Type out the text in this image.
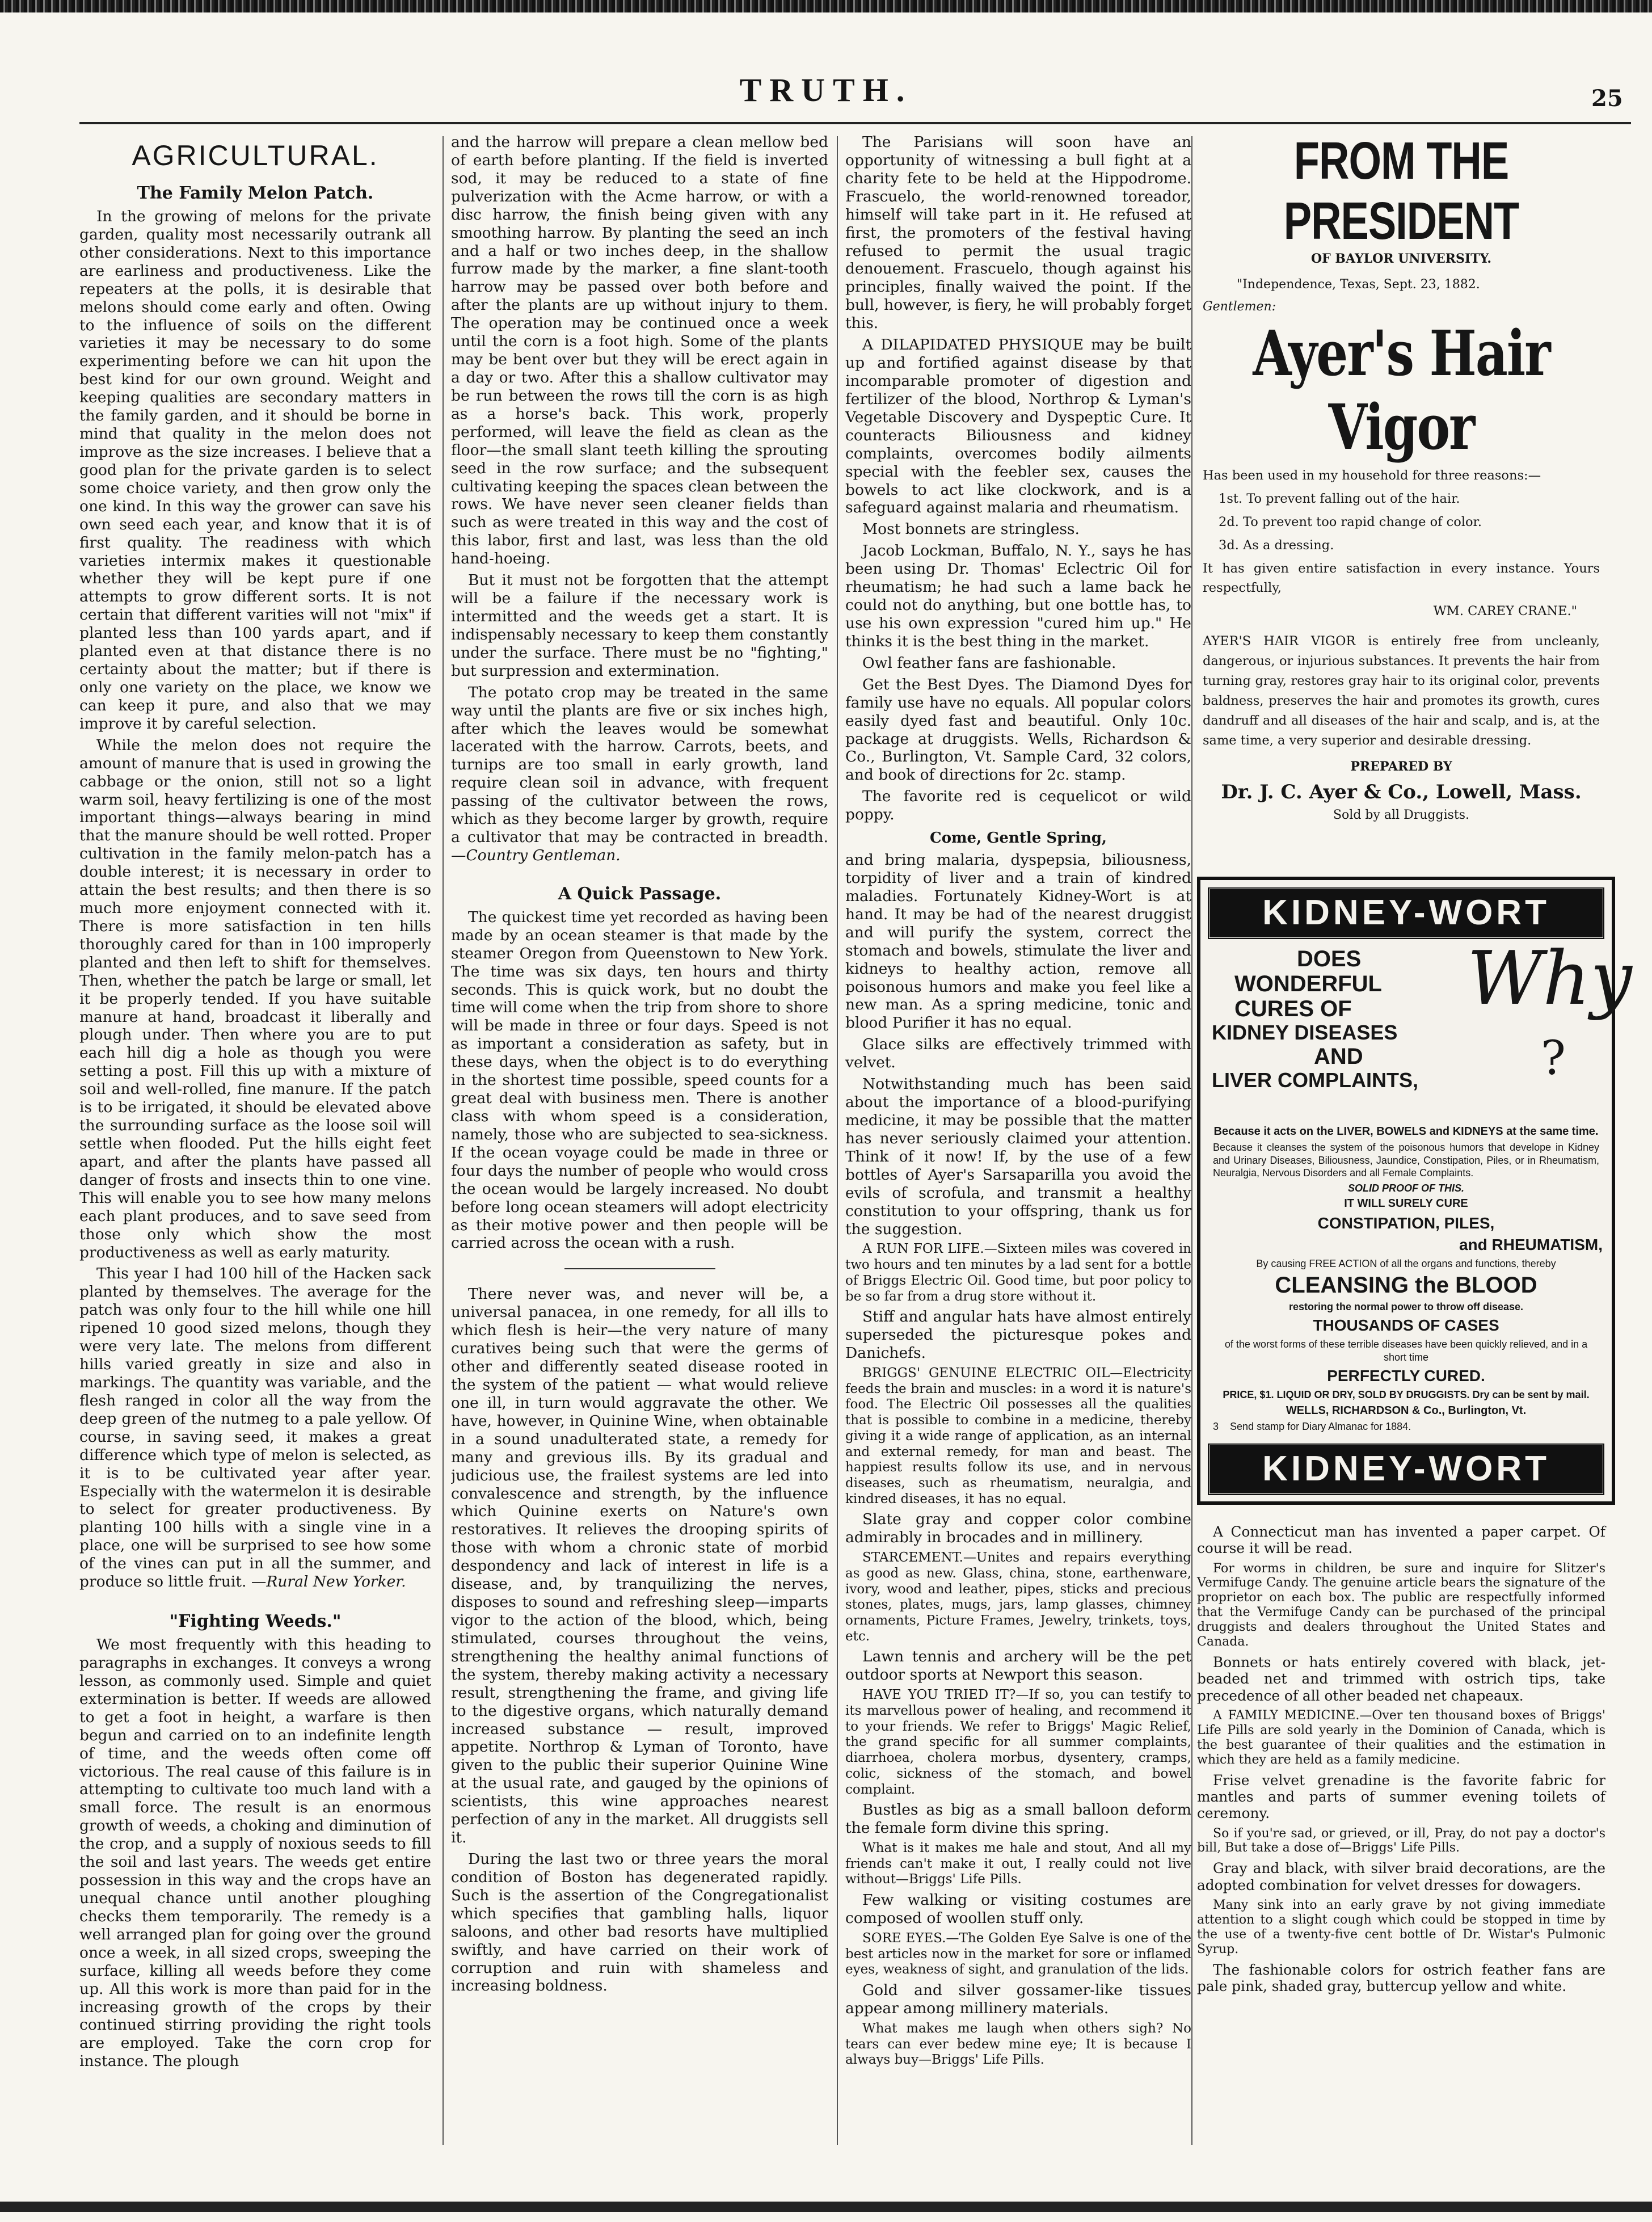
TRUTH.	25
AGRICULTURAL.
The Family Melon Patch.

In the growing of melons for the private garden, quality most necessarily outrank all other considerations. Next to this importance are earliness and productiveness. Like the repeaters at the polls, it is desirable that melons should come early and often. Owing to the influence of soils on the different varieties it may be necessary to do some experimenting before we can hit upon the best kind for our own ground. Weight and keeping qualities are secondary matters in the family garden, and it should be borne in mind that quality in the melon does not improve as the size increases. I believe that a good plan for the private garden is to select some choice variety, and then grow only the one kind. In this way the grower can save his own seed each year, and know that it is of first quality. The readiness with which varieties intermix makes it questionable whether they will be kept pure if one attempts to grow different sorts. It is not certain that different varities will not "mix" if planted less than 100 yards apart, and if planted even at that distance there is no certainty about the matter; but if there is only one variety on the place, we know we can keep it pure, and also that we may improve it by careful selection.

While the melon does not require the amount of manure that is used in growing the cabbage or the onion, still not so a light warm soil, heavy fertilizing is one of the most important things—always bearing in mind that the manure should be well rotted. Proper cultivation in the family melon-patch has a double interest; it is necessary in order to attain the best results; and then there is so much more enjoyment connected with it. There is more satisfaction in ten hills thoroughly cared for than in 100 improperly planted and then left to shift for themselves. Then, whether the patch be large or small, let it be properly tended. If you have suitable manure at hand, broadcast it liberally and plough under. Then where you are to put each hill dig a hole as though you were setting a post. Fill this up with a mixture of soil and well-rolled, fine manure. If the patch is to be irrigated, it should be elevated above the surrounding surface as the loose soil will settle when flooded. Put the hills eight feet apart, and after the plants have passed all danger of frosts and insects thin to one vine. This will enable you to see how many melons each plant produces, and to save seed from those only which show the most productiveness as well as early maturity.

This year I had 100 hill of the Hacken sack planted by themselves. The average for the patch was only four to the hill while one hill ripened 10 good sized melons, though they were very late. The melons from different hills varied greatly in size and also in markings. The quantity was variable, and the flesh ranged in color all the way from the deep green of the nutmeg to a pale yellow. Of course, in saving seed, it makes a great difference which type of melon is selected, as it is to be cultivated year after year. Especially with the watermelon it is desirable to select for greater productiveness. By planting 100 hills with a single vine in a place, one will be surprised to see how some of the vines can put in all the summer, and produce so little fruit. —Rural New Yorker.

"Fighting Weeds."

We most frequently with this heading to paragraphs in exchanges. It conveys a wrong lesson, as commonly used. Simple and quiet extermination is better. If weeds are allowed to get a foot in height, a warfare is then begun and carried on to an indefinite length of time, and the weeds often come off victorious. The real cause of this failure is in attempting to cultivate too much land with a small force. The result is an enormous growth of weeds, a choking and diminution of the crop, and a supply of noxious seeds to fill the soil and last years. The weeds get entire possession in this way and the crops have an unequal chance until another ploughing checks them temporarily. The remedy is a well arranged plan for going over the ground once a week, in all sized crops, sweeping the surface, killing all weeds before they come up. All this work is more than paid for in the increasing growth of the crops by their continued stirring providing the right tools are employed. Take the corn crop for instance. The plough

and the harrow will prepare a clean mellow bed of earth before planting. If the field is inverted sod, it may be reduced to a state of fine pulverization with the Acme harrow, or with a disc harrow, the finish being given with any smoothing harrow. By planting the seed an inch and a half or two inches deep, in the shallow furrow made by the marker, a fine slant-tooth harrow may be passed over both before and after the plants are up without injury to them. The operation may be continued once a week until the corn is a foot high. Some of the plants may be bent over but they will be erect again in a day or two. After this a shallow cultivator may be run between the rows till the corn is as high as a horse's back. This work, properly performed, will leave the field as clean as the floor—the small slant teeth killing the sprouting seed in the row surface; and the subsequent cultivating keeping the spaces clean between the rows. We have never seen cleaner fields than such as were treated in this way and the cost of this labor, first and last, was less than the old hand-hoeing.

But it must not be forgotten that the attempt will be a failure if the necessary work is intermitted and the weeds get a start. It is indispensably necessary to keep them constantly under the surface. There must be no "fighting," but surpression and extermination.

The potato crop may be treated in the same way until the plants are five or six inches high, after which the leaves would be somewhat lacerated with the harrow. Carrots, beets, and turnips are too small in early growth, land require clean soil in advance, with frequent passing of the cultivator between the rows, which as they become larger by growth, require a cultivator that may be contracted in breadth. —Country Gentleman.

A Quick Passage.

The quickest time yet recorded as having been made by an ocean steamer is that made by the steamer Oregon from Queenstown to New York. The time was six days, ten hours and thirty seconds. This is quick work, but no doubt the time will come when the trip from shore to shore will be made in three or four days. Speed is not as important a consideration as safety, but in these days, when the object is to do everything in the shortest time possible, speed counts for a great deal with business men. There is another class with whom speed is a consideration, namely, those who are subjected to sea-sickness. If the ocean voyage could be made in three or four days the number of people who would cross the ocean would be largely increased. No doubt before long ocean steamers will adopt electricity as their motive power and then people will be carried across the ocean with a rush.

There never was, and never will be, a universal panacea, in one remedy, for all ills to which flesh is heir—the very nature of many curatives being such that were the germs of other and differently seated disease rooted in the system of the patient — what would relieve one ill, in turn would aggravate the other. We have, however, in Quinine Wine, when obtainable in a sound unadulterated state, a remedy for many and grevious ills. By its gradual and judicious use, the frailest systems are led into convalescence and strength, by the influence which Quinine exerts on Nature's own restoratives. It relieves the drooping spirits of those with whom a chronic state of morbid despondency and lack of interest in life is a disease, and, by tranquilizing the nerves, disposes to sound and refreshing sleep—imparts vigor to the action of the blood, which, being stimulated, courses throughout the veins, strengthening the healthy animal functions of the system, thereby making activity a necessary result, strengthening the frame, and giving life to the digestive organs, which naturally demand increased substance — result, improved appetite. Northrop & Lyman of Toronto, have given to the public their superior Quinine Wine at the usual rate, and gauged by the opinions of scientists, this wine approaches nearest perfection of any in the market. All druggists sell it.

During the last two or three years the moral condition of Boston has degenerated rapidly. Such is the assertion of the Congregationalist which specifies that gambling halls, liquor saloons, and other bad resorts have multiplied swiftly, and have carried on their work of corruption and ruin with shameless and increasing boldness.

The Parisians will soon have an opportunity of witnessing a bull fight at a charity fete to be held at the Hippodrome. Frascuelo, the world-renowned toreador, himself will take part in it. He refused at first, the promoters of the festival having refused to permit the usual tragic denouement. Frascuelo, though against his principles, finally waived the point. If the bull, however, is fiery, he will probably forget this.

A DILAPIDATED PHYSIQUE may be built up and fortified against disease by that incomparable promoter of digestion and fertilizer of the blood, Northrop & Lyman's Vegetable Discovery and Dyspeptic Cure. It counteracts Biliousness and kidney complaints, overcomes bodily ailments special with the feebler sex, causes the bowels to act like clockwork, and is a safeguard against malaria and rheumatism.

Most bonnets are stringless.

Jacob Lockman, Buffalo, N. Y., says he has been using Dr. Thomas' Eclectric Oil for rheumatism; he had such a lame back he could not do anything, but one bottle has, to use his own expression "cured him up." He thinks it is the best thing in the market.

Owl feather fans are fashionable.

Get the Best Dyes. The Diamond Dyes for family use have no equals. All popular colors easily dyed fast and beautiful. Only 10c. package at druggists. Wells, Richardson & Co., Burlington, Vt. Sample Card, 32 colors, and book of directions for 2c. stamp.

The favorite red is cequelicot or wild poppy.

Come, Gentle Spring,

and bring malaria, dyspepsia, biliousness, torpidity of liver and a train of kindred maladies. Fortunately Kidney-Wort is at hand. It may be had of the nearest druggist and will purify the system, correct the stomach and bowels, stimulate the liver and kidneys to healthy action, remove all poisonous humors and make you feel like a new man. As a spring medicine, tonic and blood Purifier it has no equal.

Glace silks are effectively trimmed with velvet.

Notwithstanding much has been said about the importance of a blood-purifying medicine, it may be possible that the matter has never seriously claimed your attention. Think of it now! If, by the use of a few bottles of Ayer's Sarsaparilla you avoid the evils of scrofula, and transmit a healthy constitution to your offspring, thank us for the suggestion.

A RUN FOR LIFE.—Sixteen miles was covered in two hours and ten minutes by a lad sent for a bottle of Briggs Electric Oil. Good time, but poor policy to be so far from a drug store without it.

Stiff and angular hats have almost entirely superseded the picturesque pokes and Danichefs.

BRIGGS' GENUINE ELECTRIC OIL—Electricity feeds the brain and muscles: in a word it is nature's food. The Electric Oil possesses all the qualities that is possible to combine in a medicine, thereby giving it a wide range of application, as an internal and external remedy, for man and beast. The happiest results follow its use, and in nervous diseases, such as rheumatism, neuralgia, and kindred diseases, it has no equal.

Slate gray and copper color combine admirably in brocades and in millinery.

STARCEMENT.—Unites and repairs everything as good as new. Glass, china, stone, earthenware, ivory, wood and leather, pipes, sticks and precious stones, plates, mugs, jars, lamp glasses, chimney ornaments, Picture Frames, Jewelry, trinkets, toys, etc.

Lawn tennis and archery will be the pet outdoor sports at Newport this season.

HAVE YOU TRIED IT?—If so, you can testify to its marvellous power of healing, and recommend it to your friends. We refer to Briggs' Magic Relief, the grand specific for all summer complaints, diarrhoea, cholera morbus, dysentery, cramps, colic, sickness of the stomach, and bowel complaint.

Bustles as big as a small balloon deform the female form divine this spring.

What is it makes me hale and stout, And all my friends can't make it out, I really could not live without—Briggs' Life Pills.

Few walking or visiting costumes are composed of woollen stuff only.

SORE EYES.—The Golden Eye Salve is one of the best articles now in the market for sore or inflamed eyes, weakness of sight, and granulation of the lids.

Gold and silver gossamer-like tissues appear among millinery materials.

What makes me laugh when others sigh? No tears can ever bedew mine eye; It is because I always buy—Briggs' Life Pills.

FROM THE PRESIDENT
OF BAYLOR UNIVERSITY.
"Independence, Texas, Sept. 23, 1882.
Gentlemen:
Ayer's Hair Vigor

Has been used in my household for three reasons:—

1st. To prevent falling out of the hair.

2d. To prevent too rapid change of color.

3d. As a dressing.

It has given entire satisfaction in every instance. Yours respectfully,

WM. CAREY CRANE."

AYER'S HAIR VIGOR is entirely free from uncleanly, dangerous, or injurious substances. It prevents the hair from turning gray, restores gray hair to its original color, prevents baldness, preserves the hair and promotes its growth, cures dandruff and all diseases of the hair and scalp, and is, at the same time, a very superior and desirable dressing.

PREPARED BY
Dr. J. C. Ayer & Co., Lowell, Mass.
Sold by all Druggists.
KIDNEY-WORT
DOES
WONDERFUL
CURES OF
KIDNEY DISEASES
AND
LIVER COMPLAINTS,
Why
?
Because it acts on the LIVER, BOWELS and KIDNEYS at the same time.
Because it cleanses the system of the poisonous humors that develope in Kidney and Urinary Diseases, Biliousness, Jaundice, Constipation, Piles, or in Rheumatism, Neuralgia, Nervous Disorders and all Female Complaints.
SOLID PROOF OF THIS.
IT WILL SURELY CURE
CONSTIPATION, PILES,
and RHEUMATISM,
By causing FREE ACTION of all the organs and functions, thereby
CLEANSING the BLOOD
restoring the normal power to throw off disease.
THOUSANDS OF CASES
of the worst forms of these terrible diseases have been quickly relieved, and in a short time
PERFECTLY CURED.
PRICE, $1. LIQUID OR DRY, SOLD BY DRUGGISTS. Dry can be sent by mail.
WELLS, RICHARDSON & Co., Burlington, Vt.
3 Send stamp for Diary Almanac for 1884.
KIDNEY-WORT

A Connecticut man has invented a paper carpet. Of course it will be read.

For worms in children, be sure and inquire for Slitzer's Vermifuge Candy. The genuine article bears the signature of the proprietor on each box. The public are respectfully informed that the Vermifuge Candy can be purchased of the principal druggists and dealers throughout the United States and Canada.

Bonnets or hats entirely covered with black, jet-beaded net and trimmed with ostrich tips, take precedence of all other beaded net chapeaux.

A FAMILY MEDICINE.—Over ten thousand boxes of Briggs' Life Pills are sold yearly in the Dominion of Canada, which is the best guarantee of their qualities and the estimation in which they are held as a family medicine.

Frise velvet grenadine is the favorite fabric for mantles and parts of summer evening toilets of ceremony.

So if you're sad, or grieved, or ill, Pray, do not pay a doctor's bill, But take a dose of—Briggs' Life Pills.

Gray and black, with silver braid decorations, are the adopted combination for velvet dresses for dowagers.

Many sink into an early grave by not giving immediate attention to a slight cough which could be stopped in time by the use of a twenty-five cent bottle of Dr. Wistar's Pulmonic Syrup.

The fashionable colors for ostrich feather fans are pale pink, shaded gray, buttercup yellow and white.
